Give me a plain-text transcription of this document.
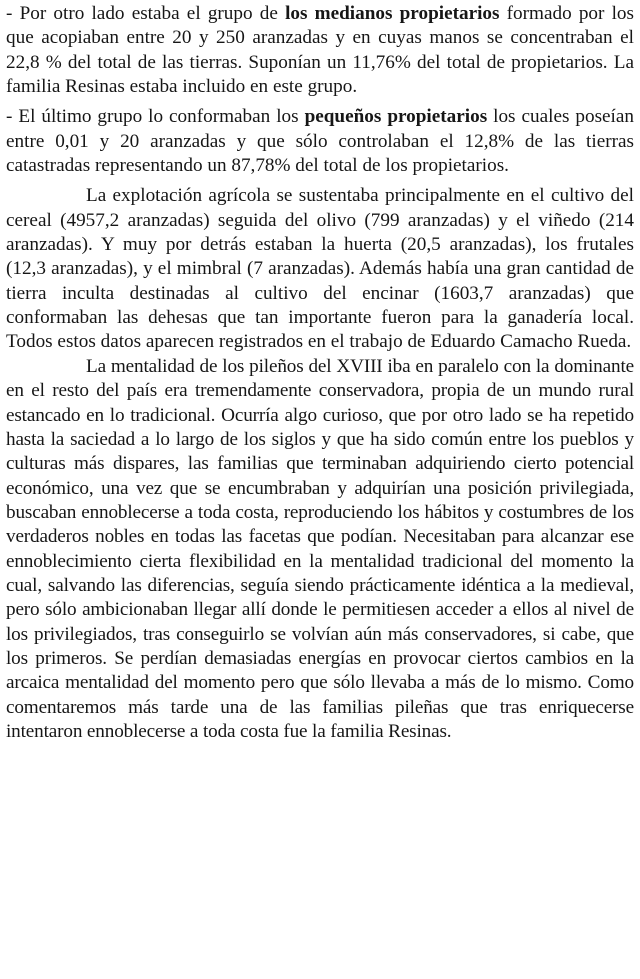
- Por otro lado estaba el grupo de los medianos propietarios formado por los que acopiaban entre 20 y 250 aranzadas y en cuyas manos se concentraban el 22,8 % del total de las tierras. Suponían un 11,76% del total de propietarios. La familia Resinas estaba incluido en este grupo.

- El último grupo lo conformaban los pequeños propietarios los cuales poseían entre 0,01 y 20 aranzadas y que sólo controlaban el 12,8% de las tierras catastradas representando un 87,78% del total de los propietarios.

La explotación agrícola se sustentaba principalmente en el cultivo del cereal (4957,2 aranzadas) seguida del olivo (799 aranzadas) y el viñedo (214 aranzadas). Y muy por detrás estaban la huerta (20,5 aranzadas), los frutales (12,3 aranzadas), y el mimbral (7 aranzadas). Además había una gran cantidad de tierra inculta destinadas al cultivo del encinar (1603,7 aranzadas) que conformaban las dehesas que tan importante fueron para la ganadería local. Todos estos datos aparecen registrados en el trabajo de Eduardo Camacho Rueda.

La mentalidad de los pileños del XVIII iba en paralelo con la dominante en el resto del país era tremendamente conservadora, propia de un mundo rural estancado en lo tradicional. Ocurría algo curioso, que por otro lado se ha repetido hasta la saciedad a lo largo de los siglos y que ha sido común entre los pueblos y culturas más dispares, las familias que terminaban adquiriendo cierto potencial económico, una vez que se encumbraban y adquirían una posición privilegiada, buscaban ennoblecerse a toda costa, reproduciendo los hábitos y costumbres de los verdaderos nobles en todas las facetas que podían. Necesitaban para alcanzar ese ennoblecimiento cierta flexibilidad en la mentalidad tradicional del momento la cual, salvando las diferencias, seguía siendo prácticamente idéntica a la medieval, pero sólo ambicionaban llegar allí donde le permitiesen acceder a ellos al nivel de los privilegiados, tras conseguirlo se volvían aún más conservadores, si cabe, que los primeros. Se perdían demasiadas energías en provocar ciertos cambios en la arcaica mentalidad del momento pero que sólo llevaba a más de lo mismo. Como comentaremos más tarde una de las familias pileñas que tras enriquecerse intentaron ennoblecerse a toda costa fue la familia Resinas.
